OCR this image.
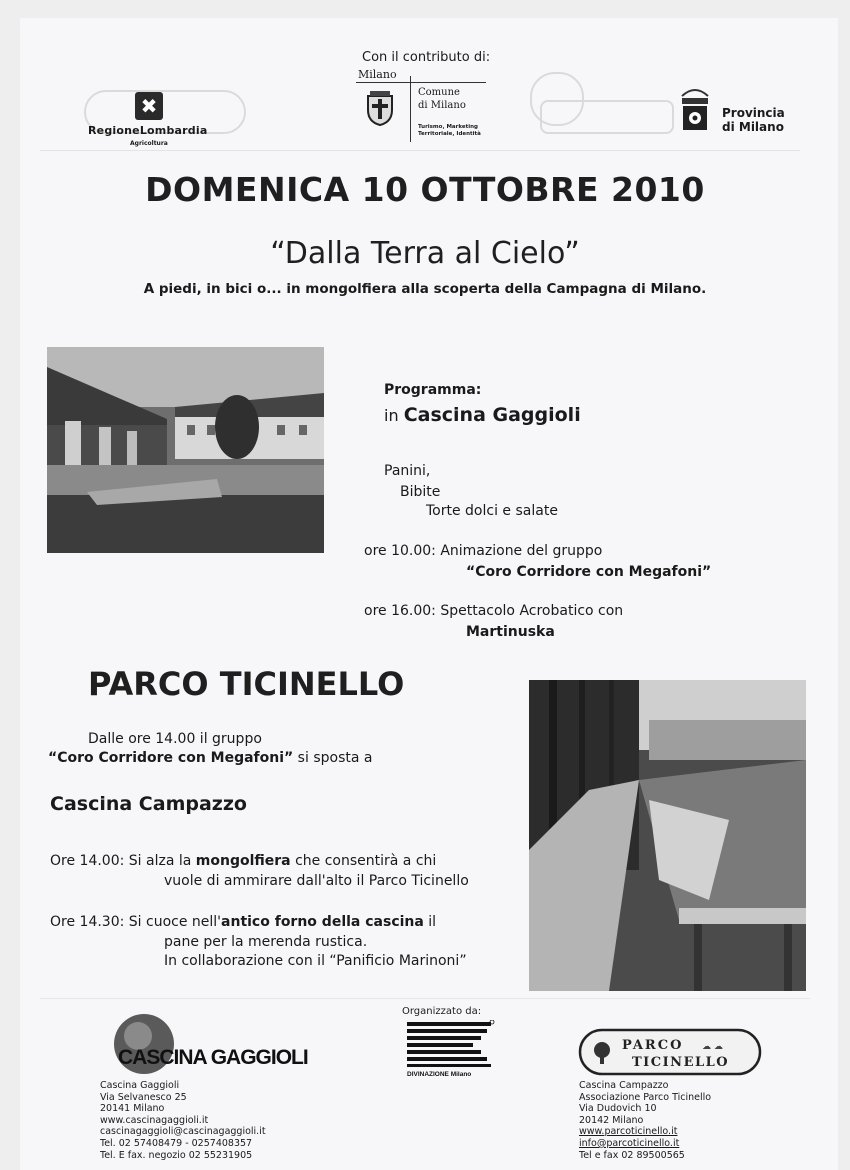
✖
RegioneLombardia
Agricoltura
Con il contributo di:
Milano
Comune
di Milano
Turismo, Marketing
Territoriale, Identità
Provincia
di Milano
DOMENICA 10 OTTOBRE 2010
“Dalla Terra al Cielo”
A piedi, in bici o... in mongolfiera alla scoperta della Campagna di Milano.
Programma:
in Cascina Gaggioli
Panini,
Bibite
Torte dolci e salate
ore 10.00: Animazione del gruppo
“Coro Corridore con Megafoni”
ore 16.00: Spettacolo Acrobatico con
Martinuska
PARCO TICINELLO
Dalle ore 14.00 il gruppo
“Coro Corridore con Megafoni” si sposta a
Cascina Campazzo
Ore 14.00: Si alza la mongolfiera che consentirà a chi
vuole di ammirare dall'alto il Parco Ticinello
Ore 14.30: Si cuoce nell'antico forno della cascina il
pane per la merenda rustica.
In collaborazione con il “Panificio Marinoni”
CASCINA GAGGIOLI
Cascina Gaggioli
Via Selvanesco 25
20141 Milano
www.cascinagaggioli.it
cascinagaggioli@cascinagaggioli.it
Tel. 02 57408479 - 0257408357
Tel. E fax. negozio 02 55231905
Organizzato da:
DIVINAZIONE Milano
PARCO
TICINELLO
☁ ☁
Cascina Campazzo
Associazione Parco Ticinello
Via Dudovich 10
20142 Milano
www.parcoticinello.it
info@parcoticinello.it
Tel e fax 02 89500565
